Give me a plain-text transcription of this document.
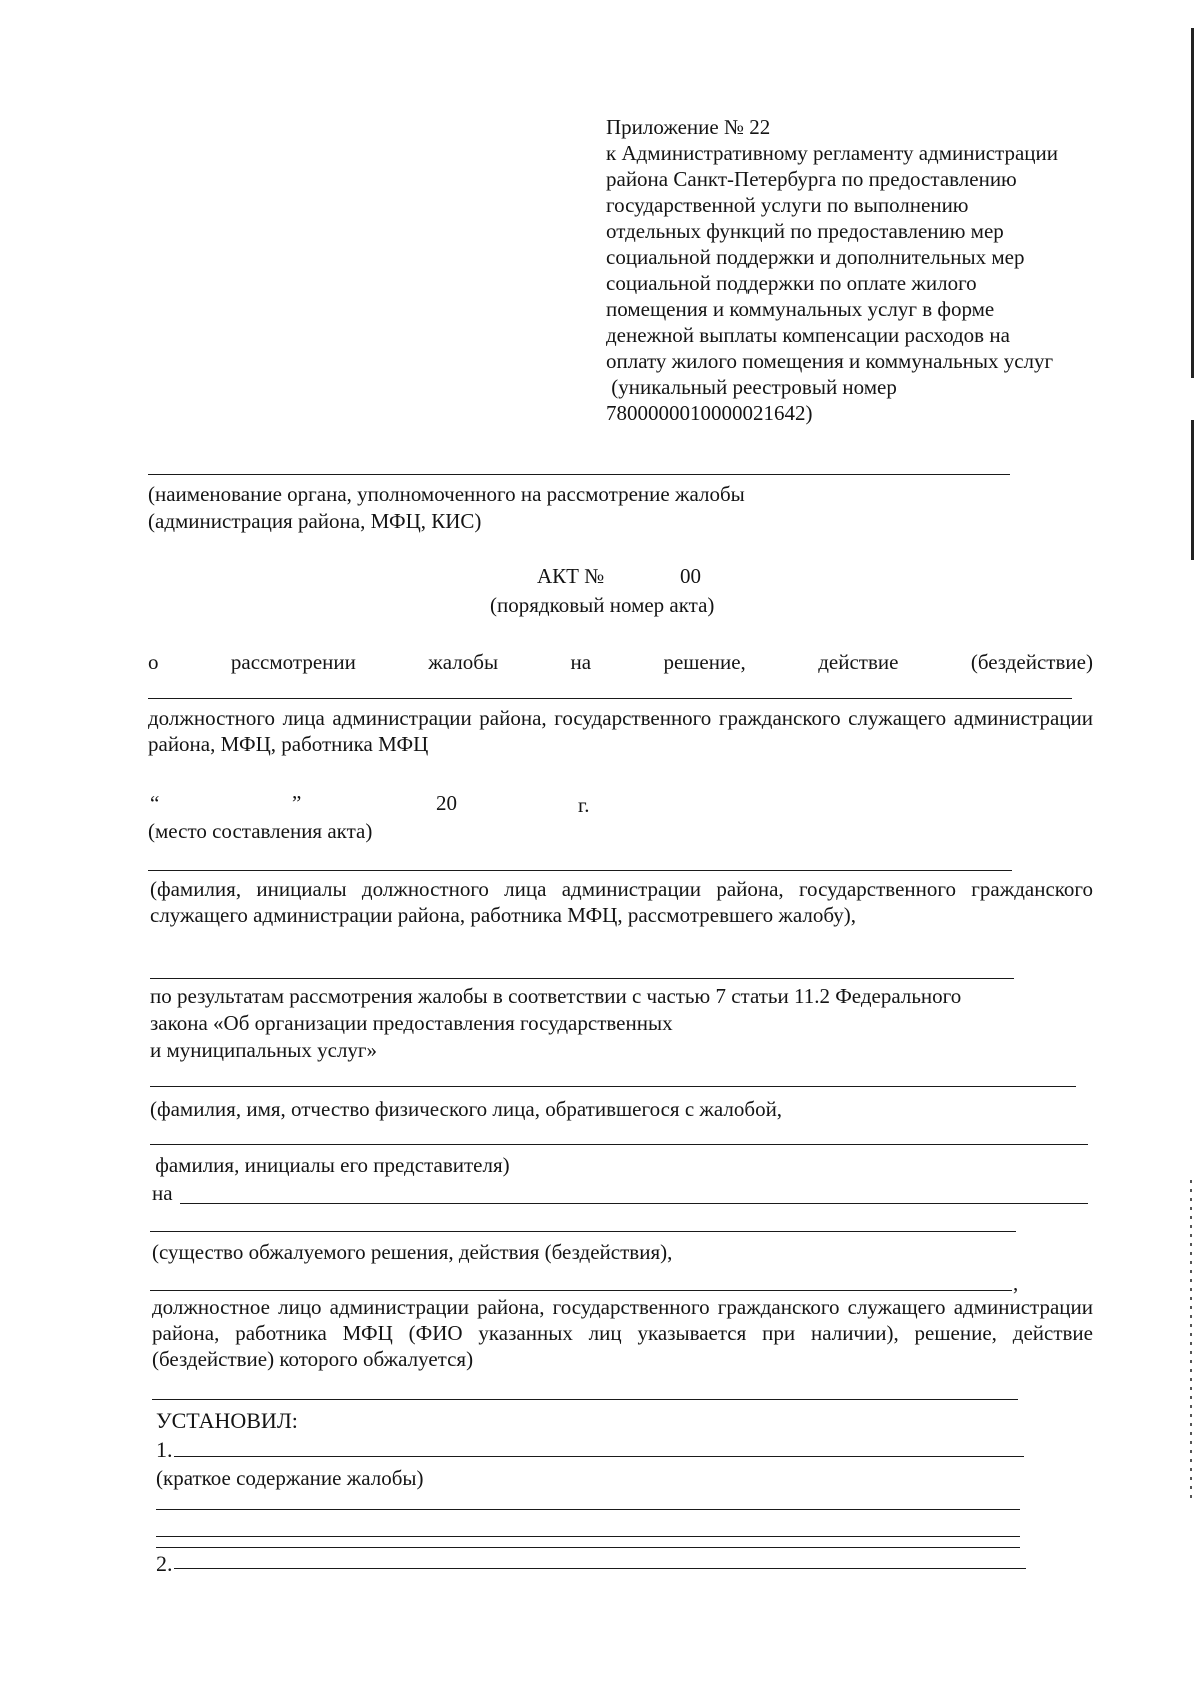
Приложение № 22
к Административному регламенту администрации
района Санкт-Петербурга по предоставлению
государственной услуги по выполнению
отдельных функций по предоставлению мер
социальной поддержки и дополнительных мер
социальной поддержки по оплате жилого
помещения и коммунальных услуг в форме
денежной выплаты компенсации расходов на
оплату жилого помещения и коммунальных услуг
(уникальный реестровый номер
7800000010000021642)
(наименование органа, уполномоченного на рассмотрение жалобы
(администрация района, МФЦ, КИС)
АКТ №	00
(порядковый номер акта)
о	рассмотрении	жалобы	на	решение,	действие	(бездействие)
должностного лица администрации района, государственного гражданского служащего администрации района, МФЦ, работника МФЦ
“	”	20	г.
(место составления акта)
(фамилия, инициалы должностного лица администрации района, государственного гражданского служащего администрации района, работника МФЦ, рассмотревшего жалобу),
по результатам рассмотрения жалобы в соответствии с частью 7 статьи 11.2 Федерального
закона «Об организации предоставления государственных
и муниципальных услуг»
(фамилия, имя, отчество физического лица, обратившегося с жалобой,
фамилия, инициалы его представителя)
на
(существо обжалуемого решения, действия (бездействия),
,
должностное лицо администрации района, государственного гражданского служащего администрации района, работника МФЦ (ФИО указанных лиц указывается при наличии), решение, действие (бездействие) которого обжалуется)
УСТАНОВИЛ:
1.
(краткое содержание жалобы)
2.
